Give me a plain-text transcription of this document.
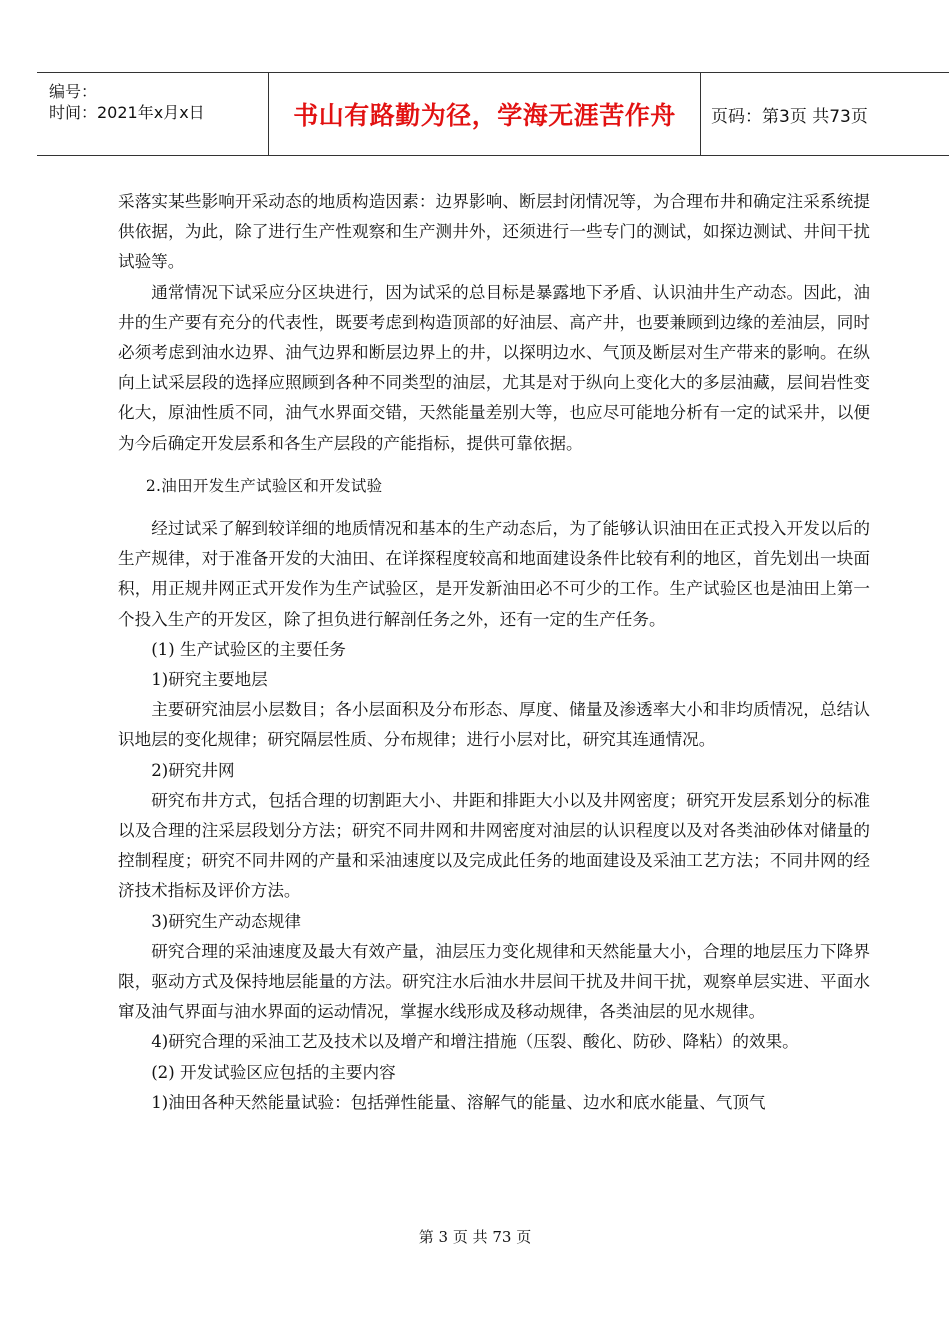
编号：
时间：2021年x月x日	书山有路勤为径，学海无涯苦作舟	页码：第3页 共73页

采落实某些影响开采动态的地质构造因素：边界影响、断层封闭情况等，为合理布井和确定注采系统提供依据，为此，除了进行生产性观察和生产测井外，还须进行一些专门的测试，如探边测试、井间干扰试验等。

通常情况下试采应分区块进行，因为试采的总目标是暴露地下矛盾、认识油井生产动态。因此，油井的生产要有充分的代表性，既要考虑到构造顶部的好油层、高产井，也要兼顾到边缘的差油层，同时必须考虑到油水边界、油气边界和断层边界上的井，以探明边水、气顶及断层对生产带来的影响。在纵向上试采层段的选择应照顾到各种不同类型的油层，尤其是对于纵向上变化大的多层油藏，层间岩性变化大，原油性质不同，油气水界面交错，天然能量差别大等，也应尽可能地分析有一定的试采井，以便为今后确定开发层系和各生产层段的产能指标，提供可靠依据。

2.油田开发生产试验区和开发试验

经过试采了解到较详细的地质情况和基本的生产动态后，为了能够认识油田在正式投入开发以后的生产规律，对于准备开发的大油田、在详探程度较高和地面建设条件比较有利的地区，首先划出一块面积，用正规井网正式开发作为生产试验区，是开发新油田必不可少的工作。生产试验区也是油田上第一个投入生产的开发区，除了担负进行解剖任务之外，还有一定的生产任务。

(1) 生产试验区的主要任务

1)研究主要地层

主要研究油层小层数目；各小层面积及分布形态、厚度、储量及渗透率大小和非均质情况，总结认识地层的变化规律；研究隔层性质、分布规律；进行小层对比，研究其连通情况。

2)研究井网

研究布井方式，包括合理的切割距大小、井距和排距大小以及井网密度；研究开发层系划分的标准以及合理的注采层段划分方法；研究不同井网和井网密度对油层的认识程度以及对各类油砂体对储量的控制程度；研究不同井网的产量和采油速度以及完成此任务的地面建设及采油工艺方法；不同井网的经济技术指标及评价方法。

3)研究生产动态规律

研究合理的采油速度及最大有效产量，油层压力变化规律和天然能量大小，合理的地层压力下降界限，驱动方式及保持地层能量的方法。研究注水后油水井层间干扰及井间干扰，观察单层实进、平面水窜及油气界面与油水界面的运动情况，掌握水线形成及移动规律，各类油层的见水规律。

4)研究合理的采油工艺及技术以及增产和增注措施（压裂、酸化、防砂、降粘）的效果。

(2) 开发试验区应包括的主要内容

1)油田各种天然能量试验：包括弹性能量、溶解气的能量、边水和底水能量、气顶气

第 3 页 共 73 页
